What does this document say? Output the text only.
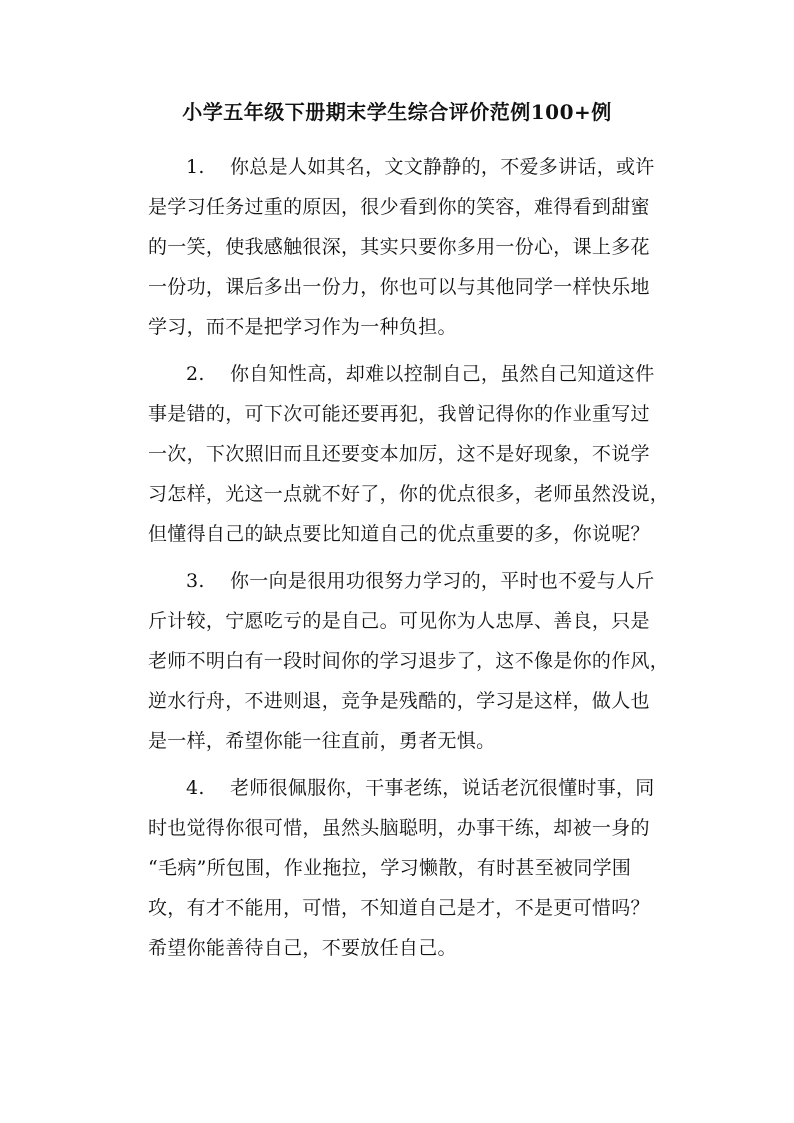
小学五年级下册期末学生综合评价范例100+例
1. 你总是人如其名，文文静静的，不爱多讲话，或许
是学习任务过重的原因，很少看到你的笑容，难得看到甜蜜
的一笑，使我感触很深，其实只要你多用一份心，课上多花
一份功，课后多出一份力，你也可以与其他同学一样快乐地
学习，而不是把学习作为一种负担。
2. 你自知性高，却难以控制自己，虽然自己知道这件
事是错的，可下次可能还要再犯，我曾记得你的作业重写过
一次，下次照旧而且还要变本加厉，这不是好现象，不说学
习怎样，光这一点就不好了，你的优点很多，老师虽然没说，
但懂得自己的缺点要比知道自己的优点重要的多，你说呢？
3. 你一向是很用功很努力学习的，平时也不爱与人斤
斤计较，宁愿吃亏的是自己。可见你为人忠厚、善良，只是
老师不明白有一段时间你的学习退步了，这不像是你的作风，
逆水行舟，不进则退，竞争是残酷的，学习是这样，做人也
是一样，希望你能一往直前，勇者无惧。
4. 老师很佩服你，干事老练，说话老沉很懂时事，同
时也觉得你很可惜，虽然头脑聪明，办事干练，却被一身的
“毛病”所包围，作业拖拉，学习懒散，有时甚至被同学围
攻，有才不能用，可惜，不知道自己是才，不是更可惜吗？
希望你能善待自己，不要放任自己。
